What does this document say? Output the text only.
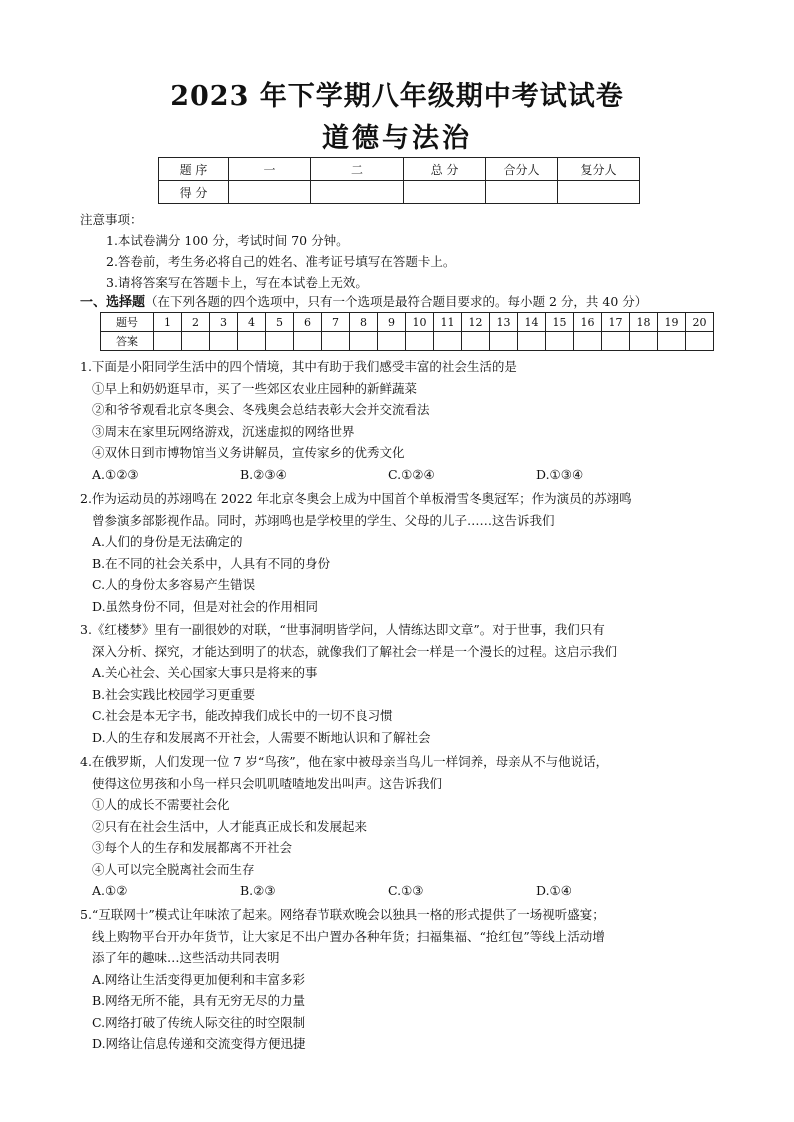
2023 年下学期八年级期中考试试卷
道德与法治
题 序	一	二	总 分	合分人	复分人
得 分					
注意事项：
1.本试卷满分 100 分，考试时间 70 分钟。
2.答卷前，考生务必将自己的姓名、准考证号填写在答题卡上。
3.请将答案写在答题卡上，写在本试卷上无效。
一、选择题（在下列各题的四个选项中，只有一个选项是最符合题目要求的。每小题 2 分，共 40 分）
题号	1	2	3	4	5	6	7	8	9	10	11	12	13	14	15	16	17	18	19	20
答案																				
1.下面是小阳同学生活中的四个情境，其中有助于我们感受丰富的社会生活的是
①早上和奶奶逛早市，买了一些郊区农业庄园种的新鲜蔬菜
②和爷爷观看北京冬奥会、冬残奥会总结表彰大会并交流看法
③周末在家里玩网络游戏，沉迷虚拟的网络世界
④双休日到市博物馆当义务讲解员，宣传家乡的优秀文化
A.①②③	B.②③④	C.①②④	D.①③④
2.作为运动员的苏翊鸣在 2022 年北京冬奥会上成为中国首个单板滑雪冬奥冠军；作为演员的苏翊鸣
曾参演多部影视作品。同时，苏翊鸣也是学校里的学生、父母的儿子……这告诉我们
A.人们的身份是无法确定的
B.在不同的社会关系中，人具有不同的身份
C.人的身份太多容易产生错误
D.虽然身份不同，但是对社会的作用相同
3.《红楼梦》里有一副很妙的对联，“世事洞明皆学问，人情练达即文章”。对于世事，我们只有
深入分析、探究，才能达到明了的状态，就像我们了解社会一样是一个漫长的过程。这启示我们
A.关心社会、关心国家大事只是将来的事
B.社会实践比校园学习更重要
C.社会是本无字书，能改掉我们成长中的一切不良习惯
D.人的生存和发展离不开社会，人需要不断地认识和了解社会
4.在俄罗斯，人们发现一位 7 岁“鸟孩”，他在家中被母亲当鸟儿一样饲养，母亲从不与他说话，
使得这位男孩和小鸟一样只会叽叽喳喳地发出叫声。这告诉我们
①人的成长不需要社会化
②只有在社会生活中，人才能真正成长和发展起来
③每个人的生存和发展都离不开社会
④人可以完全脱离社会而生存
A.①②	B.②③	C.①③	D.①④
5.“互联网十”模式让年味浓了起来。网络春节联欢晚会以独具一格的形式提供了一场视听盛宴；
线上购物平台开办年货节，让大家足不出户置办各种年货；扫福集福、“抢红包”等线上活动增
添了年的趣味…这些活动共同表明
A.网络让生活变得更加便利和丰富多彩
B.网络无所不能，具有无穷无尽的力量
C.网络打破了传统人际交往的时空限制
D.网络让信息传递和交流变得方便迅捷
